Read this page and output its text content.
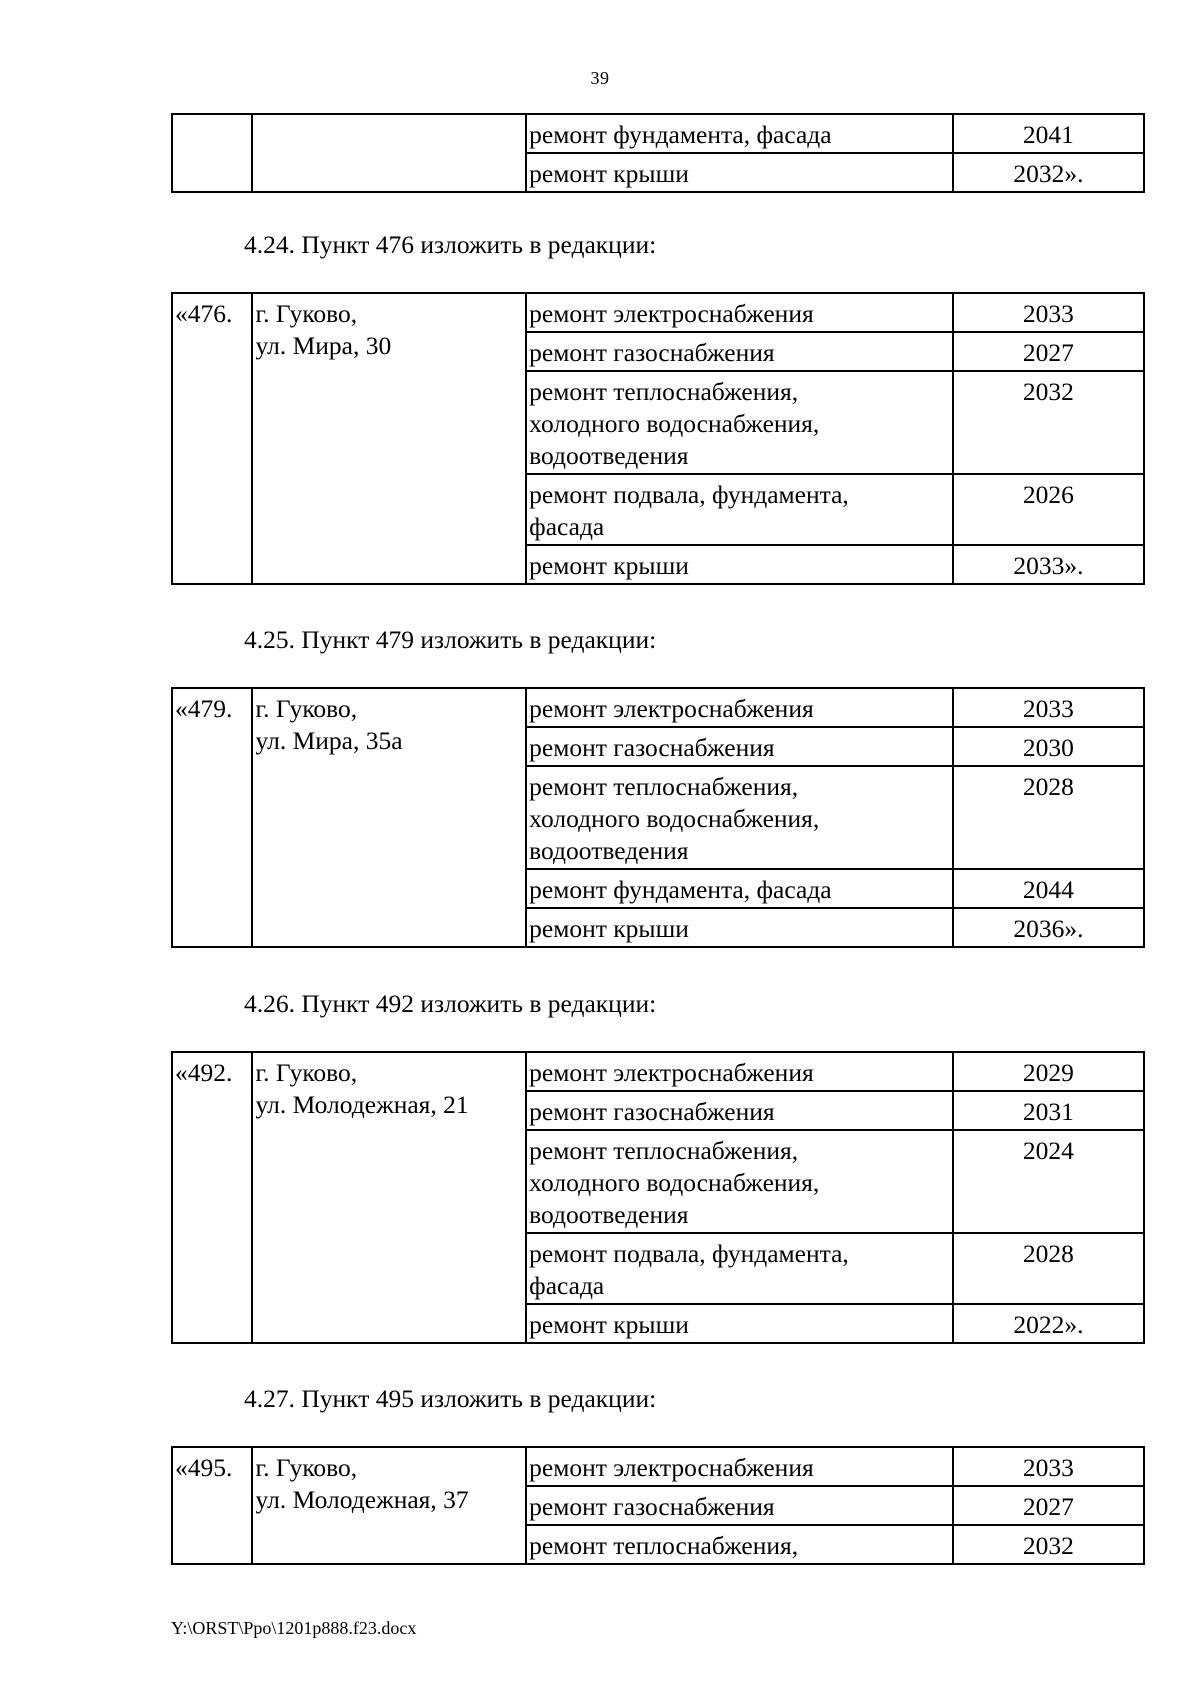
39
		ремонт фундамента, фасада	2041
		ремонт крыши	2032».
4.24. Пункт 476 изложить в редакции:
«476.	г. Гуково,
ул. Мира, 30	ремонт электроснабжения	2033

		ремонт газоснабжения	2027

		ремонт теплоснабжения,
холодного водоснабжения,
водоотведения	2032

		ремонт подвала, фундамента,
фасада	2026

		ремонт крыши	2033».
4.25. Пункт 479 изложить в редакции:
«479.	г. Гуково,
ул. Мира, 35а	ремонт электроснабжения	2033

		ремонт газоснабжения	2030

		ремонт теплоснабжения,
холодного водоснабжения,
водоотведения	2028

		ремонт фундамента, фасада	2044

		ремонт крыши	2036».
4.26. Пункт 492 изложить в редакции:
«492.	г. Гуково,
ул. Молодежная, 21	ремонт электроснабжения	2029

		ремонт газоснабжения	2031

		ремонт теплоснабжения,
холодного водоснабжения,
водоотведения	2024

		ремонт подвала, фундамента,
фасада	2028

		ремонт крыши	2022».
4.27. Пункт 495 изложить в редакции:
«495.	г. Гуково,
ул. Молодежная, 37	ремонт электроснабжения	2033

		ремонт газоснабжения	2027

		ремонт теплоснабжения,	2032
Y:\ORST\Ppo\1201p888.f23.docx
